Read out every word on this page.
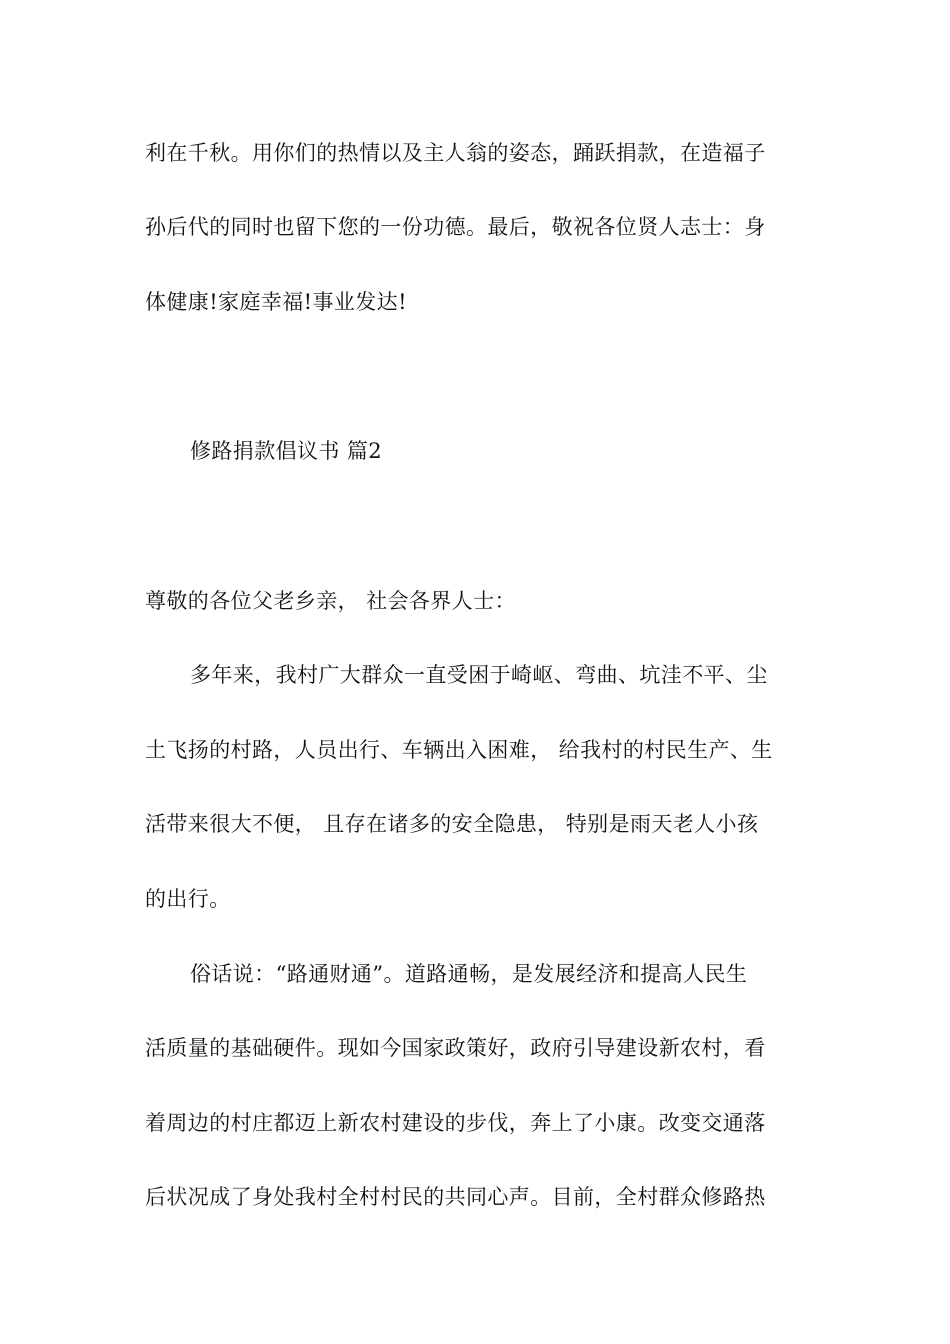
利在千秋。用你们的热情以及主人翁的姿态，踊跃捐款，在造福子
孙后代的同时也留下您的一份功德。最后，敬祝各位贤人志士：身
体健康!家庭幸福!事业发达!
修路捐款倡议书 篇2
尊敬的各位父老乡亲， 社会各界人士：
多年来，我村广大群众一直受困于崎岖、弯曲、坑洼不平、尘
土飞扬的村路，人员出行、车辆出入困难， 给我村的村民生产、生
活带来很大不便， 且存在诸多的安全隐患， 特别是雨天老人小孩
的出行。
俗话说：“路通财通”。道路通畅，是发展经济和提高人民生
活质量的基础硬件。现如今国家政策好，政府引导建设新农村，看
着周边的村庄都迈上新农村建设的步伐，奔上了小康。改变交通落
后状况成了身处我村全村村民的共同心声。目前，全村群众修路热
